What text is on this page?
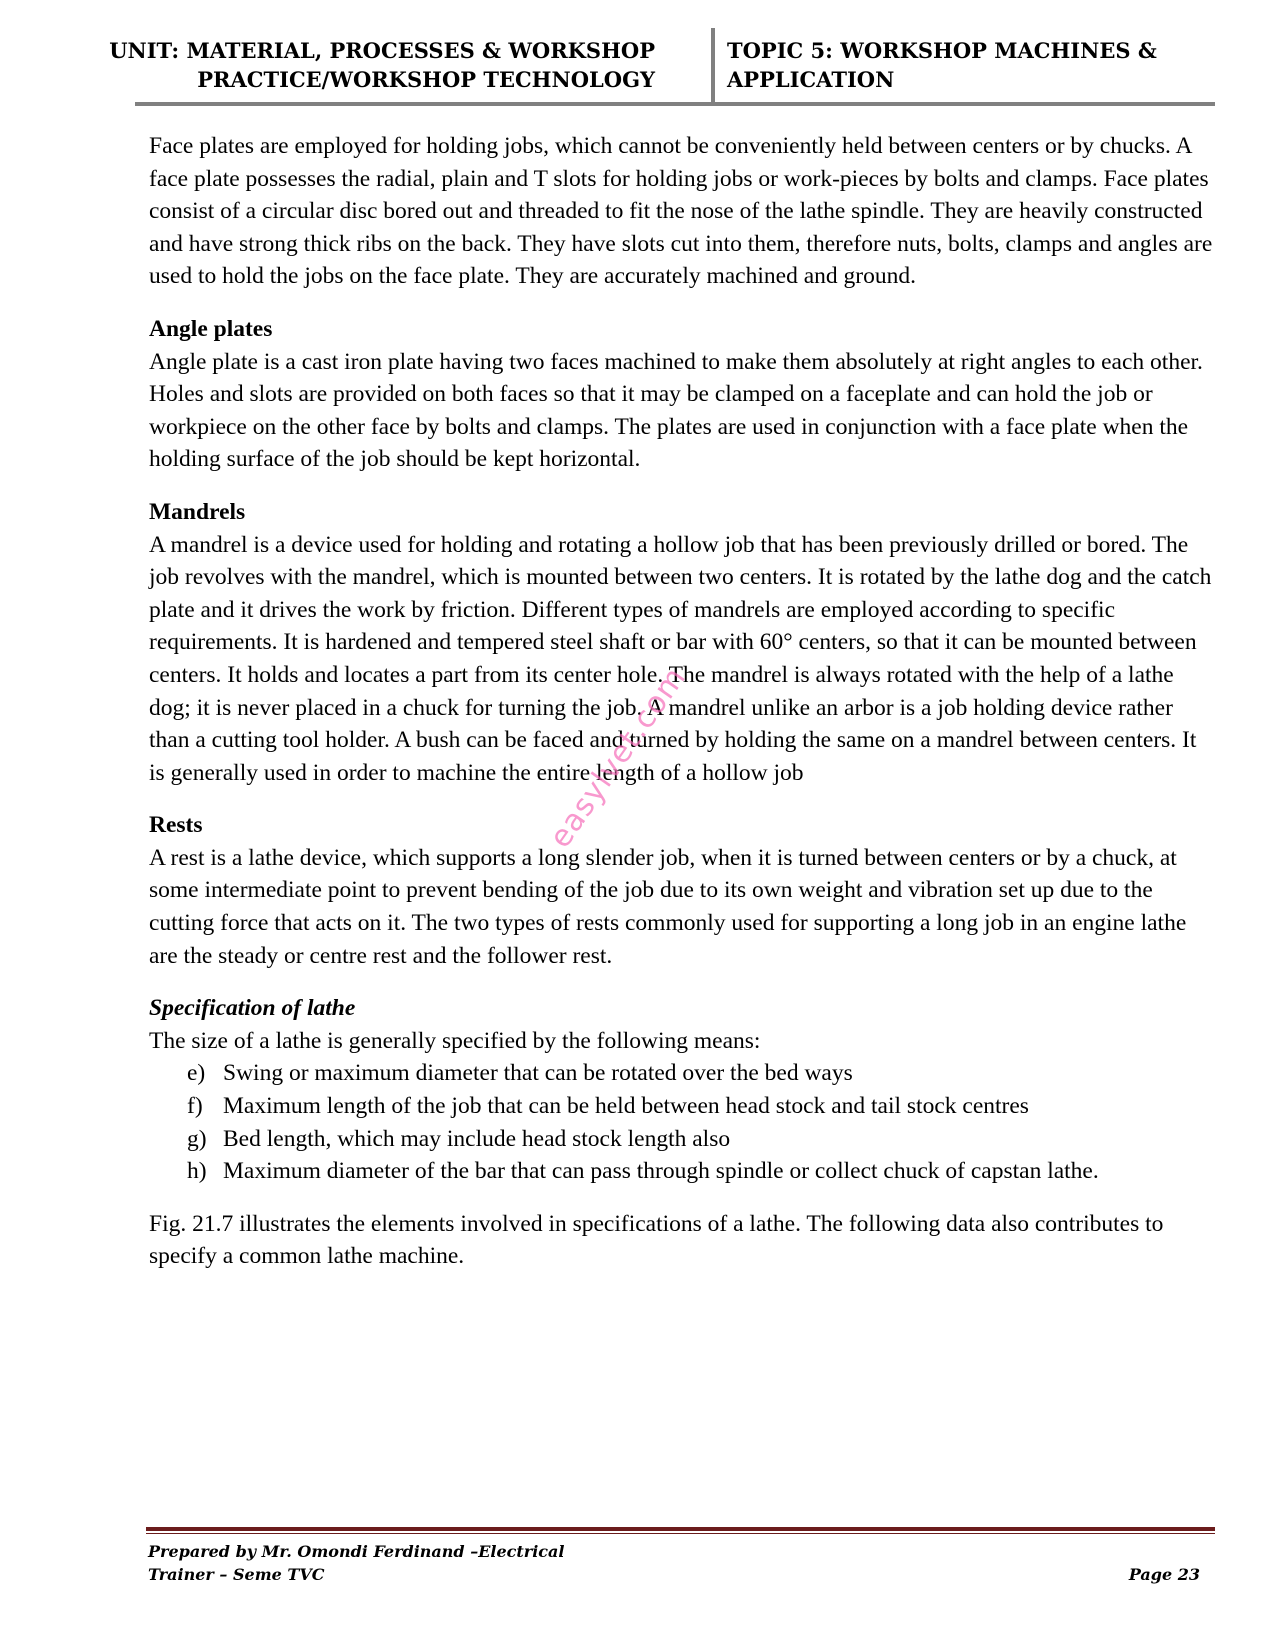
UNIT: MATERIAL, PROCESSES & WORKSHOP
PRACTICE/WORKSHOP TECHNOLOGY
TOPIC 5: WORKSHOP MACHINES &
APPLICATION

Face plates are employed for holding jobs, which cannot be conveniently held between centers or by chucks. A face plate possesses the radial, plain and T slots for holding jobs or work-pieces by bolts and clamps. Face plates consist of a circular disc bored out and threaded to fit the nose of the lathe spindle. They are heavily constructed and have strong thick ribs on the back. They have slots cut into them, therefore nuts, bolts, clamps and angles are used to hold the jobs on the face plate. They are accurately machined and ground.

Angle plates

Angle plate is a cast iron plate having two faces machined to make them absolutely at right angles to each other. Holes and slots are provided on both faces so that it may be clamped on a faceplate and can hold the job or workpiece on the other face by bolts and clamps. The plates are used in conjunction with a face plate when the holding surface of the job should be kept horizontal.

Mandrels

A mandrel is a device used for holding and rotating a hollow job that has been previously drilled or bored. The job revolves with the mandrel, which is mounted between two centers. It is rotated by the lathe dog and the catch plate and it drives the work by friction. Different types of mandrels are employed according to specific requirements. It is hardened and tempered steel shaft or bar with 60° centers, so that it can be mounted between centers. It holds and locates a part from its center hole. The mandrel is always rotated with the help of a lathe dog; it is never placed in a chuck for turning the job. A mandrel unlike an arbor is a job holding device rather than a cutting tool holder. A bush can be faced and turned by holding the same on a mandrel between centers. It is generally used in order to machine the entire length of a hollow job

Rests

A rest is a lathe device, which supports a long slender job, when it is turned between centers or by a chuck, at some intermediate point to prevent bending of the job due to its own weight and vibration set up due to the cutting force that acts on it. The two types of rests commonly used for supporting a long job in an engine lathe are the steady or centre rest and the follower rest.

Specification of lathe

The size of a lathe is generally specified by the following means:

e) Swing or maximum diameter that can be rotated over the bed ways
f) Maximum length of the job that can be held between head stock and tail stock centres
g) Bed length, which may include head stock length also
h) Maximum diameter of the bar that can pass through spindle or collect chuck of capstan lathe.

Fig. 21.7 illustrates the elements involved in specifications of a lathe. The following data also contributes to specify a common lathe machine.

easylvet.com
Prepared by Mr. Omondi Ferdinand –Electrical
Trainer – Seme TVC	Page 23
